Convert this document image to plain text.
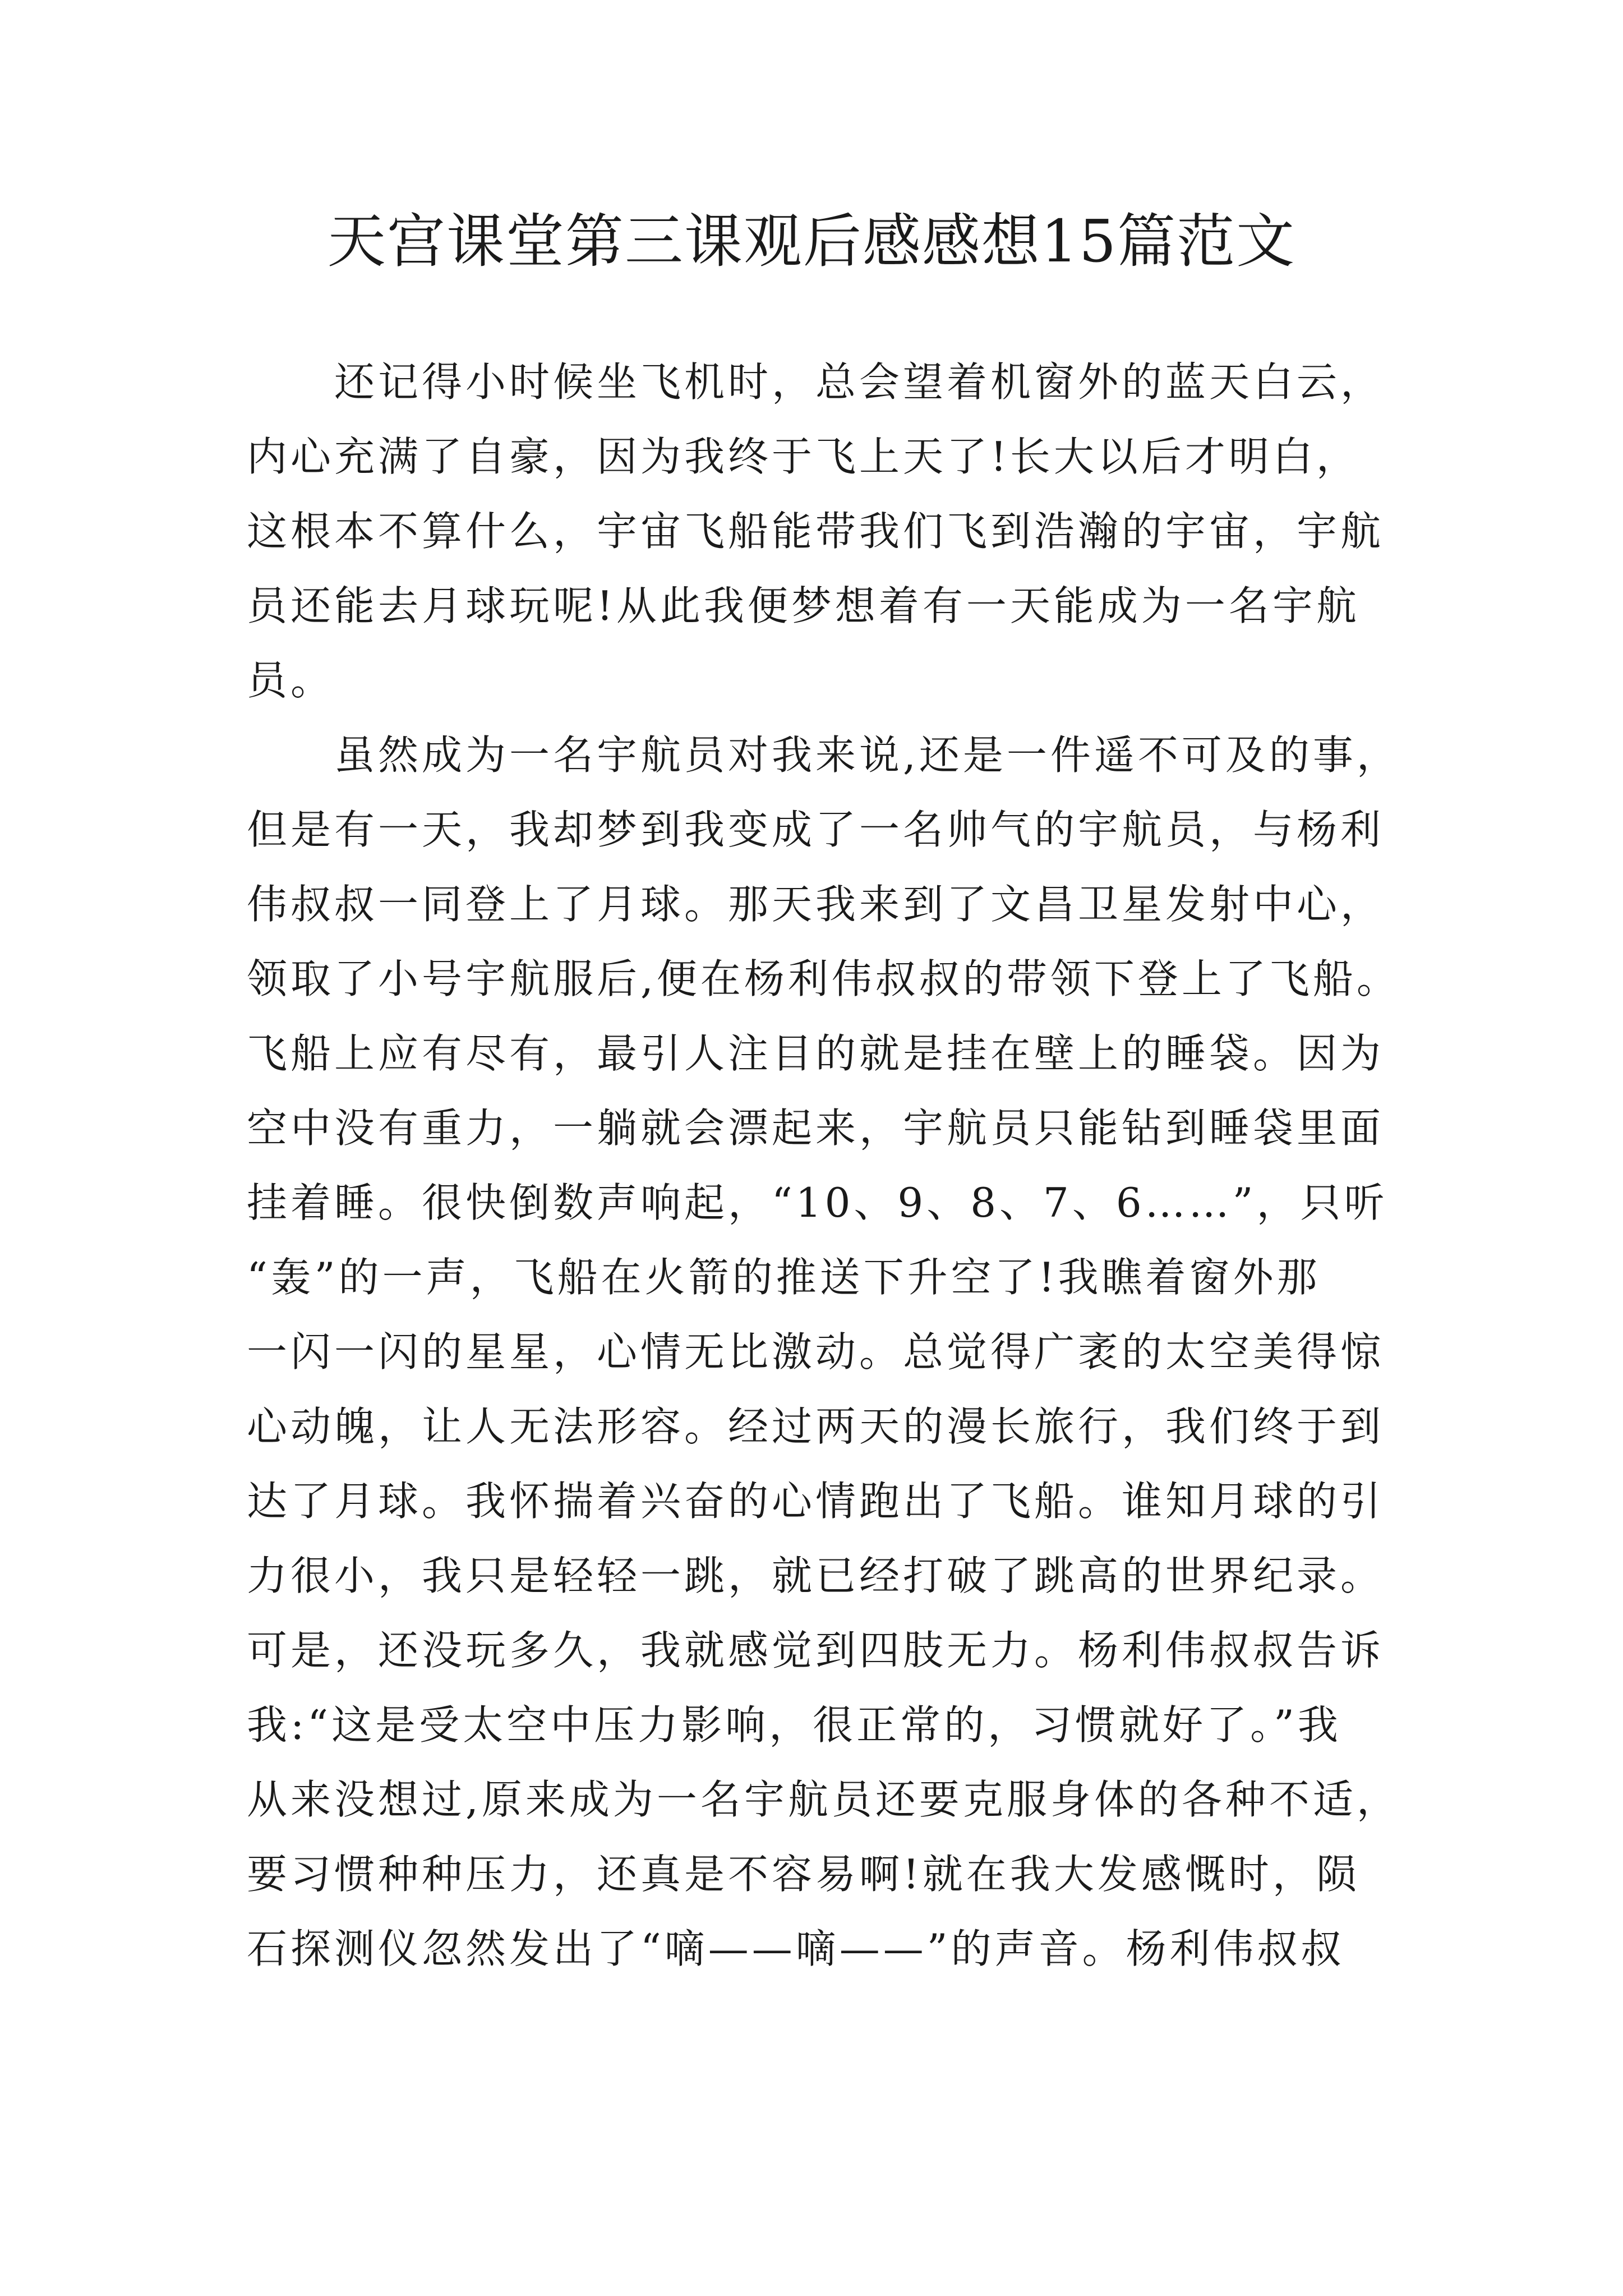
天宫课堂第三课观后感感想15篇范文

　　还记得小时候坐飞机时，总会望着机窗外的蓝天白云，
内心充满了自豪，因为我终于飞上天了!长大以后才明白，
这根本不算什么，宇宙飞船能带我们飞到浩瀚的宇宙，宇航
员还能去月球玩呢!从此我便梦想着有一天能成为一名宇航
员。

　　虽然成为一名宇航员对我来说,还是一件遥不可及的事，
但是有一天，我却梦到我变成了一名帅气的宇航员，与杨利
伟叔叔一同登上了月球。那天我来到了文昌卫星发射中心，
领取了小号宇航服后,便在杨利伟叔叔的带领下登上了飞船。
飞船上应有尽有，最引人注目的就是挂在壁上的睡袋。因为
空中没有重力，一躺就会漂起来，宇航员只能钻到睡袋里面
挂着睡。很快倒数声响起，“10、9、8、7、6……”，只听
“轰”的一声，飞船在火箭的推送下升空了!我瞧着窗外那
一闪一闪的星星，心情无比激动。总觉得广袤的太空美得惊
心动魄，让人无法形容。经过两天的漫长旅行，我们终于到
达了月球。我怀揣着兴奋的心情跑出了飞船。谁知月球的引
力很小，我只是轻轻一跳，就已经打破了跳高的世界纪录。
可是，还没玩多久，我就感觉到四肢无力。杨利伟叔叔告诉
我:“这是受太空中压力影响，很正常的，习惯就好了。”我
从来没想过,原来成为一名宇航员还要克服身体的各种不适，
要习惯种种压力，还真是不容易啊!就在我大发感慨时，陨
石探测仪忽然发出了“嘀——嘀——”的声音。杨利伟叔叔
